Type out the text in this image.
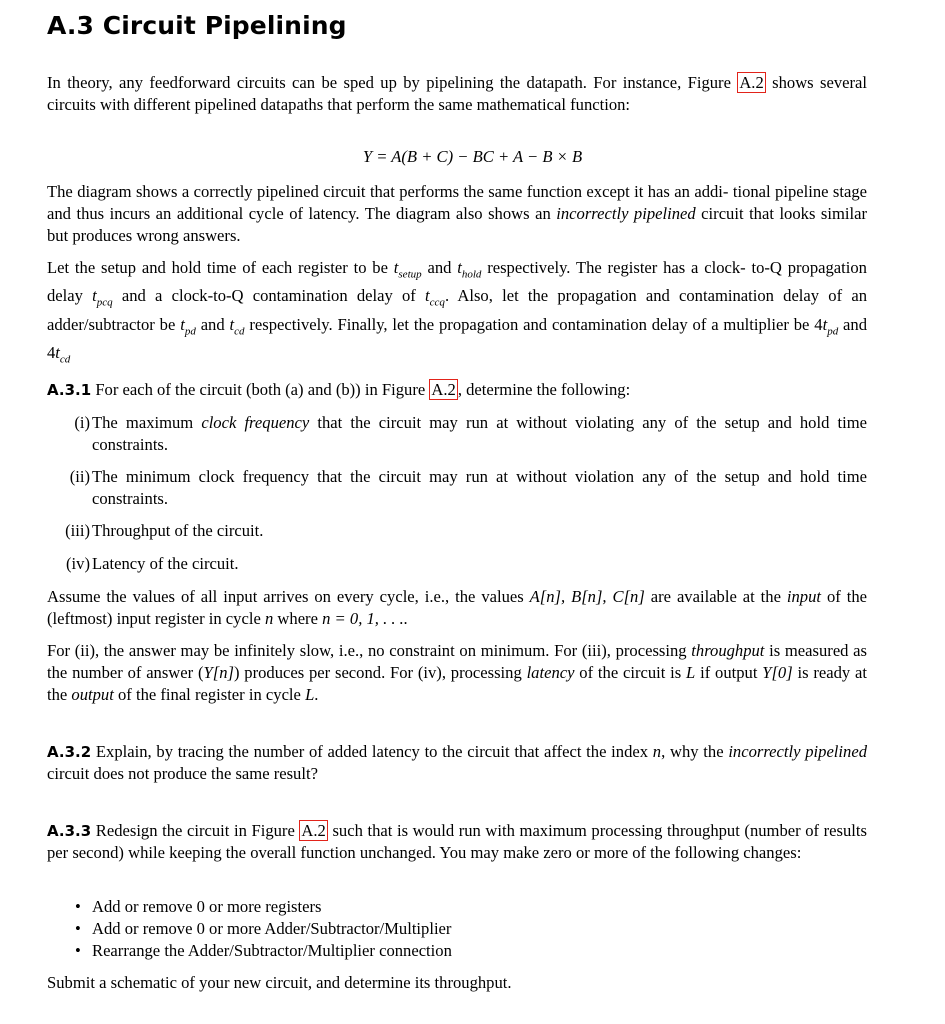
A.3 Circuit Pipelining

In theory, any feedforward circuits can be sped up by pipelining the datapath. For instance, Figure A.2 shows several circuits with different pipelined datapaths that perform the same mathematical function:

Y = A(B + C) − BC + A − B × B

The diagram shows a correctly pipelined circuit that performs the same function except it has an addi- tional pipeline stage and thus incurs an additional cycle of latency. The diagram also shows an incorrectly pipelined circuit that looks similar but produces wrong answers.

Let the setup and hold time of each register to be $t_{setup}$ and $t_{hold}$ respectively. The register has a clock- to-Q propagation delay $t_{pcq}$ and a clock-to-Q contamination delay of $t_{ccq}$. Also, let the propagation and contamination delay of an adder/subtractor be $t_{pd}$ and $t_{cd}$ respectively. Finally, let the propagation and contamination delay of a multiplier be $4t_{pd}$ and $4t_{cd}$

A.3.1 For each of the circuit (both (a) and (b)) in Figure A.2 , determine the following:

(i) The maximum clock frequency that the circuit may run at without violating any of the setup and hold time constraints.

(ii) The minimum clock frequency that the circuit may run at without violation any of the setup and hold time constraints.

(iii) Throughput of the circuit.

(iv) Latency of the circuit.

Assume the values of all input arrives on every cycle, i.e., the values A[n], B[n], C[n] are available at the input of the (leftmost) input register in cycle n where n = 0, 1, . . ..

For (ii), the answer may be infinitely slow, i.e., no constraint on minimum. For (iii), processing throughput is measured as the number of answer (Y[n]) produces per second. For (iv), processing latency of the circuit is L if output Y[0] is ready at the output of the final register in cycle L.

A.3.2 Explain, by tracing the number of added latency to the circuit that affect the index n, why the incorrectly pipelined circuit does not produce the same result?

A.3.3 Redesign the circuit in Figure A.2 such that is would run with maximum processing throughput (number of results per second) while keeping the overall function unchanged. You may make zero or more of the following changes:

• Add or remove 0 or more registers

• Add or remove 0 or more Adder/Subtractor/Multiplier

• Rearrange the Adder/Subtractor/Multiplier connection

Submit a schematic of your new circuit, and determine its throughput.
